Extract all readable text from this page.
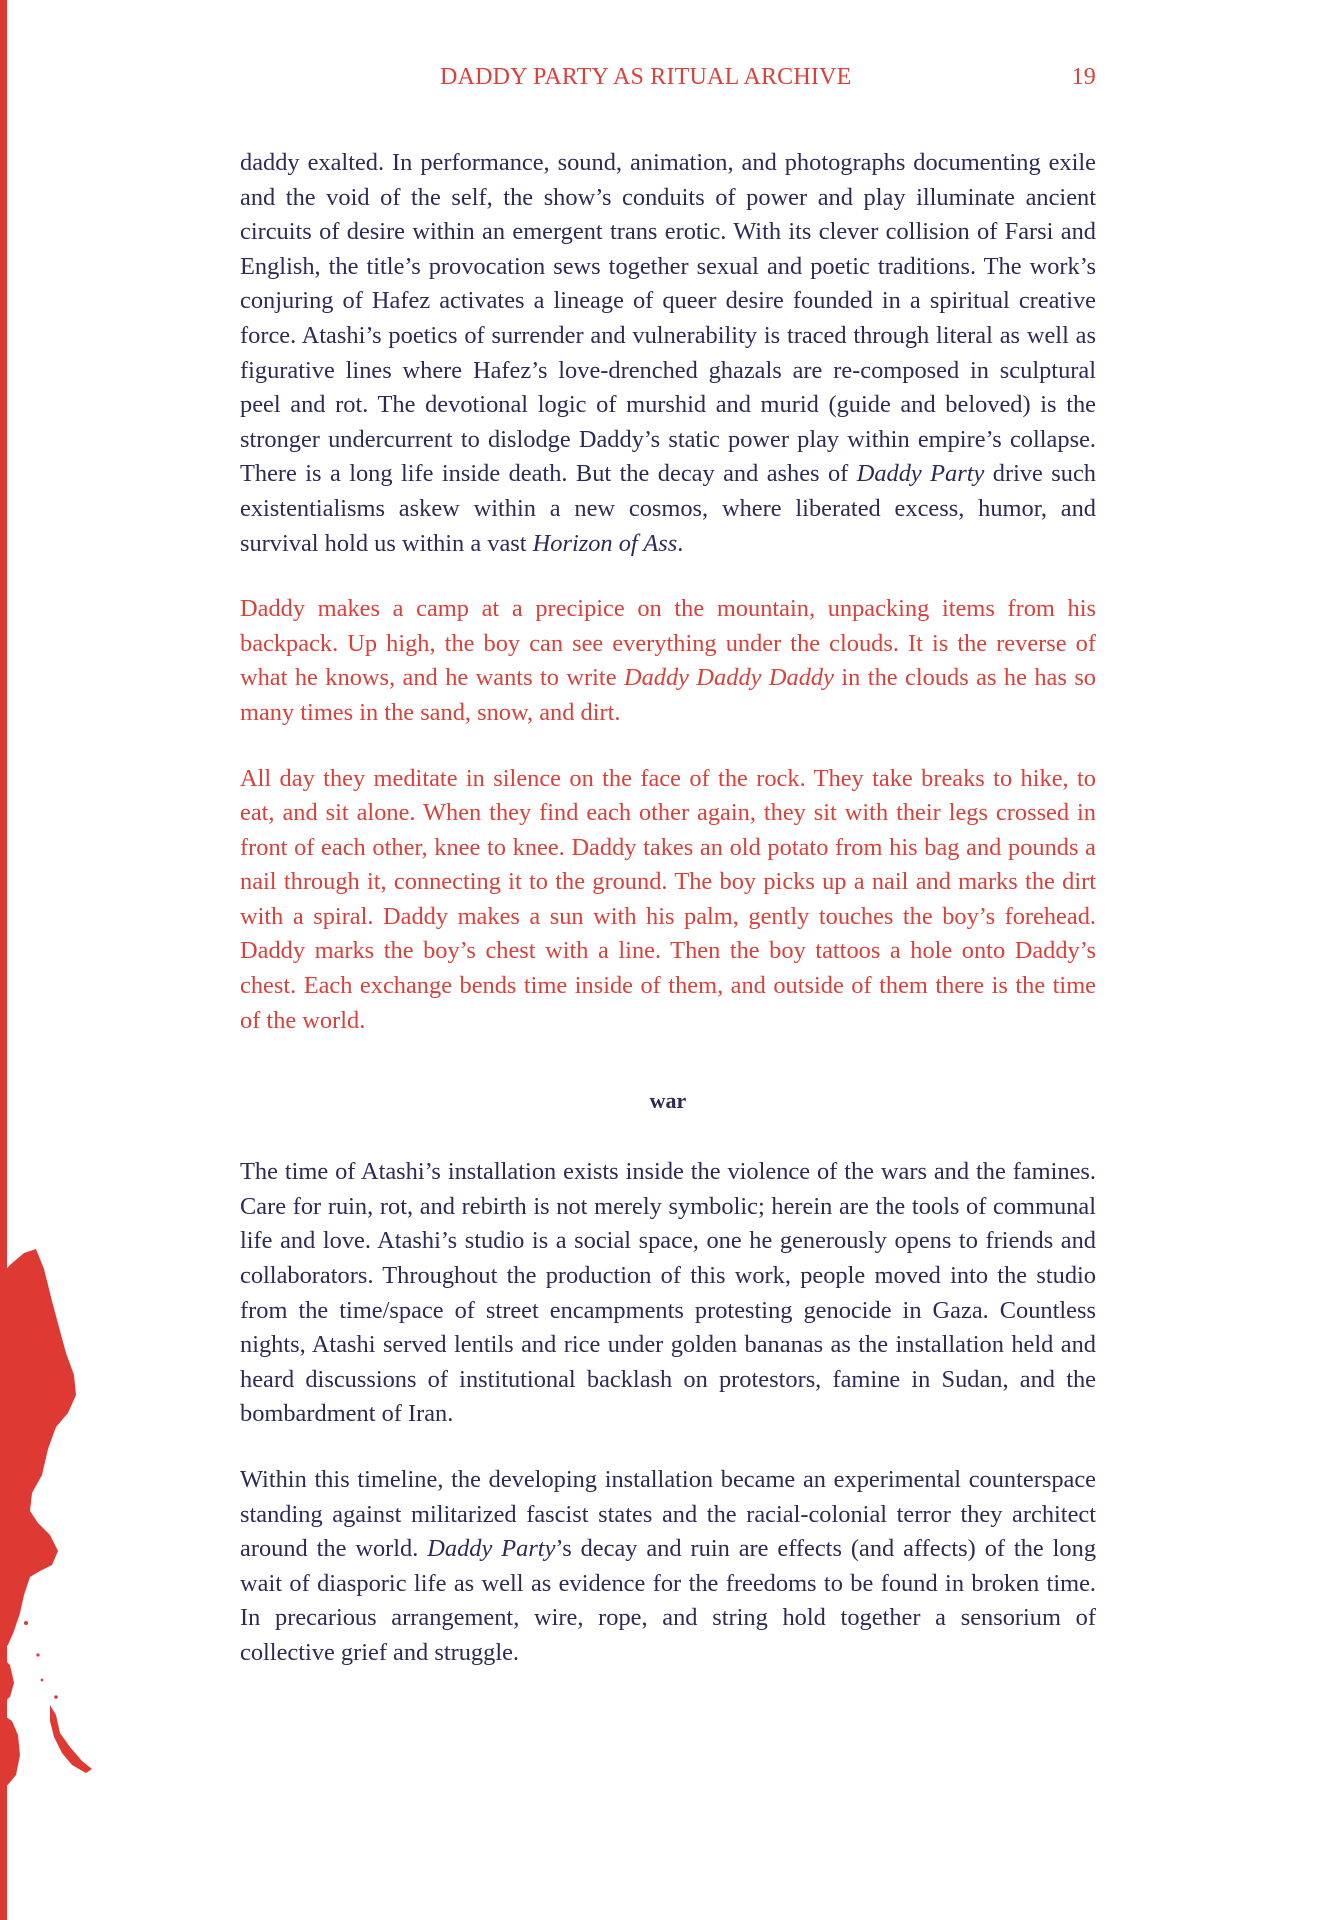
DADDY PARTY AS RITUAL ARCHIVE	19

daddy exalted. In performance, sound, animation, and photographs documenting exile and the void of the self, the show’s conduits of power and play illuminate ancient circuits of desire within an emergent trans erotic. With its clever collision of Farsi and English, the title’s provocation sews together sexual and poetic traditions. The work’s conjuring of Hafez activates a lineage of queer desire founded in a spiritual creative force. Atashi’s poetics of surrender and vulnerability is traced through literal as well as figurative lines where Hafez’s love-drenched ghazals are re-composed in sculptural peel and rot. The devotional logic of murshid and murid (guide and beloved) is the stronger undercurrent to dislodge Daddy’s static power play within empire’s collapse. There is a long life inside death. But the decay and ashes of Daddy Party drive such existentialisms askew within a new cosmos, where liberated excess, humor, and survival hold us within a vast Horizon of Ass.

Daddy makes a camp at a precipice on the mountain, unpacking items from his backpack. Up high, the boy can see everything under the clouds. It is the reverse of what he knows, and he wants to write Daddy Daddy Daddy in the clouds as he has so many times in the sand, snow, and dirt.

All day they meditate in silence on the face of the rock. They take breaks to hike, to eat, and sit alone. When they find each other again, they sit with their legs crossed in front of each other, knee to knee. Daddy takes an old potato from his bag and pounds a nail through it, connecting it to the ground. The boy picks up a nail and marks the dirt with a spiral. Daddy makes a sun with his palm, gently touches the boy’s forehead. Daddy marks the boy’s chest with a line. Then the boy tattoos a hole onto Daddy’s chest. Each exchange bends time inside of them, and outside of them there is the time of the world.

war

The time of Atashi’s installation exists inside the violence of the wars and the famines. Care for ruin, rot, and rebirth is not merely symbolic; herein are the tools of communal life and love. Atashi’s studio is a social space, one he generously opens to friends and collaborators. Throughout the production of this work, people moved into the studio from the time/space of street encampments protesting genocide in Gaza. Countless nights, Atashi served lentils and rice under golden bananas as the installation held and heard discussions of institutional backlash on protestors, famine in Sudan, and the bombardment of Iran.

Within this timeline, the developing installation became an experimental counterspace standing against militarized fascist states and the racial-colonial terror they architect around the world. Daddy Party’s decay and ruin are effects (and affects) of the long wait of diasporic life as well as evidence for the freedoms to be found in broken time. In precarious arrangement, wire, rope, and string hold together a sensorium of collective grief and struggle.
